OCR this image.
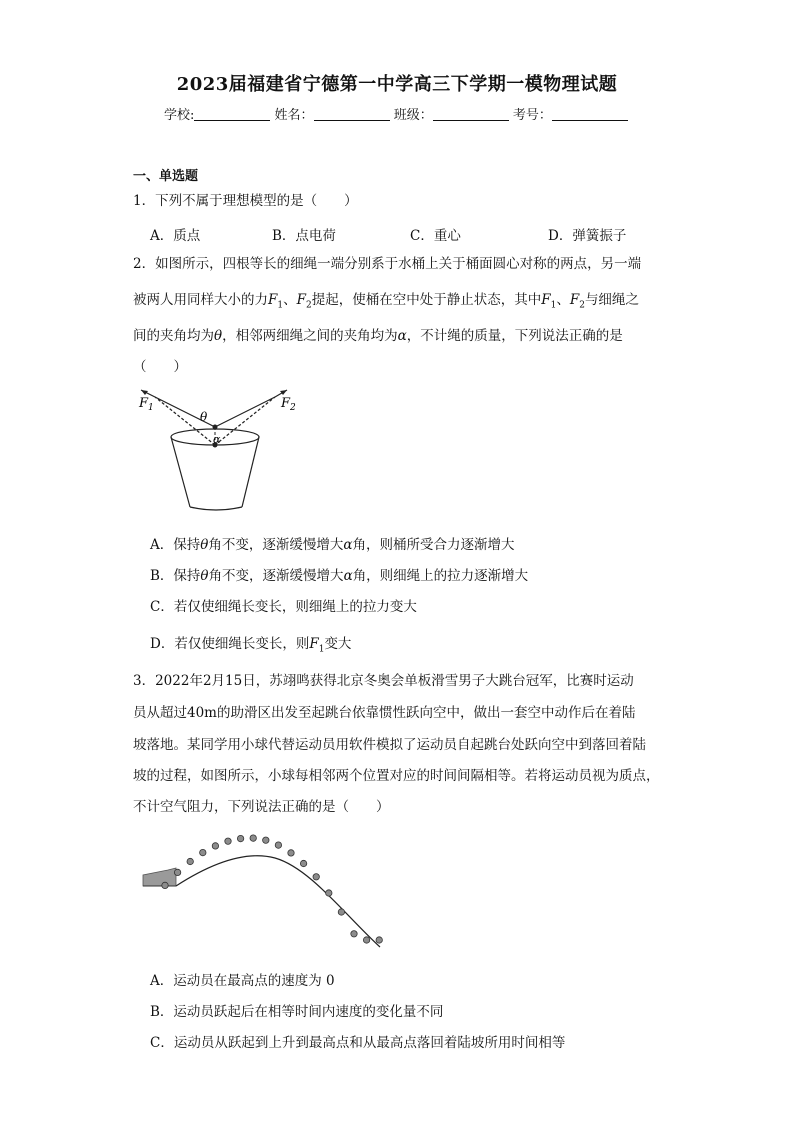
2023届福建省宁德第一中学高三下学期一模物理试题
学校:	姓名：	班级：	考号：
一、单选题
1．下列不属于理想模型的是（　　）
A．质点	B．点电荷	C．重心	D．弹簧振子
2．如图所示，四根等长的细绳一端分别系于水桶上关于桶面圆心对称的两点，另一端
被两人用同样大小的力$F_1$、$F_2$提起，使桶在空中处于静止状态，其中$F_1$、$F_2$与细绳之
间的夹角均为θ，相邻两细绳之间的夹角均为α，不计绳的质量，下列说法正确的是
（　　）
$F_1$	$F_2$
θ
α
A．保持θ角不变，逐渐缓慢增大α角，则桶所受合力逐渐增大
B．保持θ角不变，逐渐缓慢增大α角，则细绳上的拉力逐渐增大
C．若仅使细绳长变长，则细绳上的拉力变大
D．若仅使细绳长变长，则$F_1$变大
3．2022年2月15日，苏翊鸣获得北京冬奥会单板滑雪男子大跳台冠军，比赛时运动
员从超过40m的助滑区出发至起跳台依靠惯性跃向空中，做出一套空中动作后在着陆
坡落地。某同学用小球代替运动员用软件模拟了运动员自起跳台处跃向空中到落回着陆
坡的过程，如图所示，小球每相邻两个位置对应的时间间隔相等。若将运动员视为质点，
不计空气阻力，下列说法正确的是（　　）
A．运动员在最高点的速度为 0
B．运动员跃起后在相等时间内速度的变化量不同
C．运动员从跃起到上升到最高点和从最高点落回着陆坡所用时间相等
